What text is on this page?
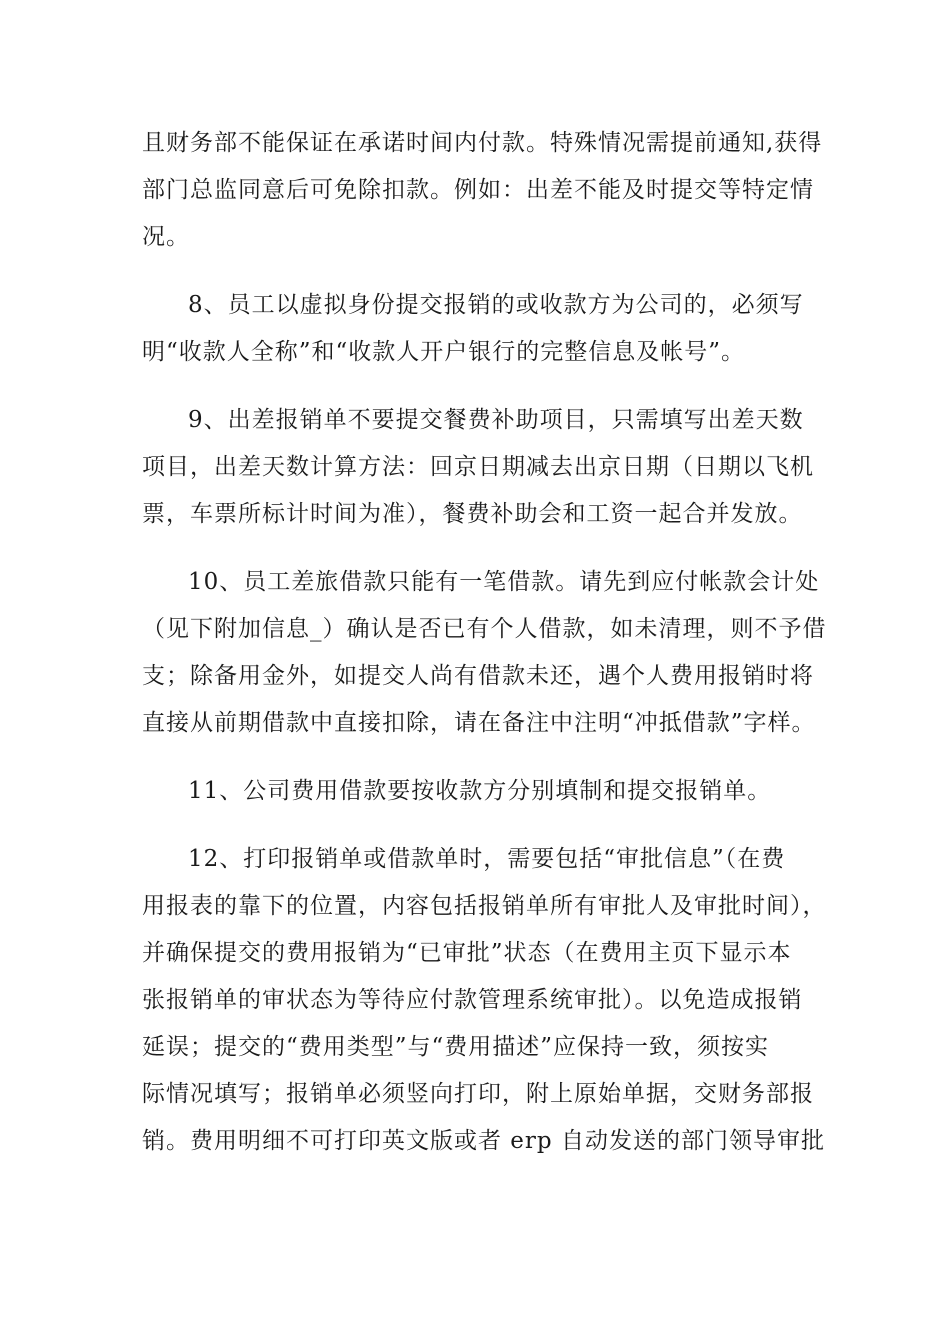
且财务部不能保证在承诺时间内付款。特殊情况需提前通知,获得
部门总监同意后可免除扣款。例如：出差不能及时提交等特定情
况。
8、员工以虚拟身份提交报销的或收款方为公司的，必须写
明“收款人全称”和“收款人开户银行的完整信息及帐号”。
9、出差报销单不要提交餐费补助项目，只需填写出差天数
项目，出差天数计算方法：回京日期减去出京日期（日期以飞机
票，车票所标计时间为准），餐费补助会和工资一起合并发放。
10、员工差旅借款只能有一笔借款。请先到应付帐款会计处
（见下附加信息_）确认是否已有个人借款，如未清理，则不予借
支；除备用金外，如提交人尚有借款未还，遇个人费用报销时将
直接从前期借款中直接扣除，请在备注中注明“冲抵借款”字样。
11、公司费用借款要按收款方分别填制和提交报销单。
12、打印报销单或借款单时，需要包括“审批信息”（在费
用报表的靠下的位置，内容包括报销单所有审批人及审批时间），
并确保提交的费用报销为“已审批”状态（在费用主页下显示本
张报销单的审状态为等待应付款管理系统审批）。以免造成报销
延误；提交的“费用类型”与“费用描述”应保持一致，须按实
际情况填写；报销单必须竖向打印，附上原始单据，交财务部报
销。费用明细不可打印英文版或者 erp 自动发送的部门领导审批
